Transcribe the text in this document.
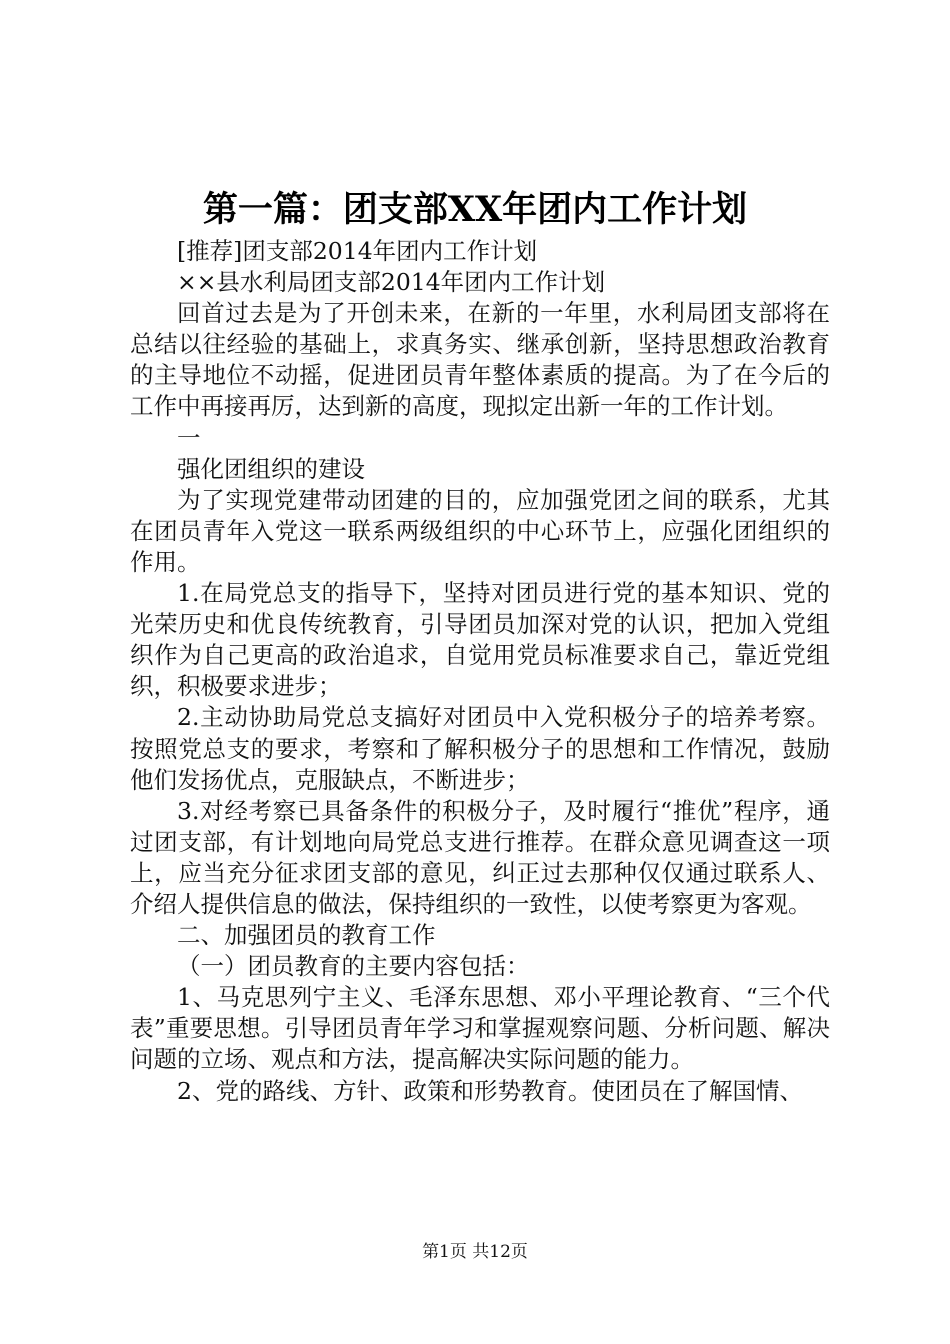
第一篇：团支部XX年团内工作计划

[推荐]团支部2014年团内工作计划

××县水利局团支部2014年团内工作计划

回首过去是为了开创未来，在新的一年里，水利局团支部将在总结以往经验的基础上，求真务实、继承创新，坚持思想政治教育的主导地位不动摇，促进团员青年整体素质的提高。为了在今后的工作中再接再厉，达到新的高度，现拟定出新一年的工作计划。

一

强化团组织的建设

为了实现党建带动团建的目的，应加强党团之间的联系，尤其在团员青年入党这一联系两级组织的中心环节上，应强化团组织的作用。

1.在局党总支的指导下，坚持对团员进行党的基本知识、党的光荣历史和优良传统教育，引导团员加深对党的认识，把加入党组织作为自己更高的政治追求，自觉用党员标准要求自己，靠近党组织，积极要求进步；

2.主动协助局党总支搞好对团员中入党积极分子的培养考察。按照党总支的要求，考察和了解积极分子的思想和工作情况，鼓励他们发扬优点，克服缺点，不断进步；

3.对经考察已具备条件的积极分子，及时履行“推优”程序，通过团支部，有计划地向局党总支进行推荐。在群众意见调查这一项上，应当充分征求团支部的意见，纠正过去那种仅仅通过联系人、介绍人提供信息的做法，保持组织的一致性，以使考察更为客观。

二、加强团员的教育工作

（一）团员教育的主要内容包括：

1、马克思列宁主义、毛泽东思想、邓小平理论教育、“三个代表”重要思想。引导团员青年学习和掌握观察问题、分析问题、解决问题的立场、观点和方法，提高解决实际问题的能力。

2、党的路线、方针、政策和形势教育。使团员在了解国情、

第1页 共12页
